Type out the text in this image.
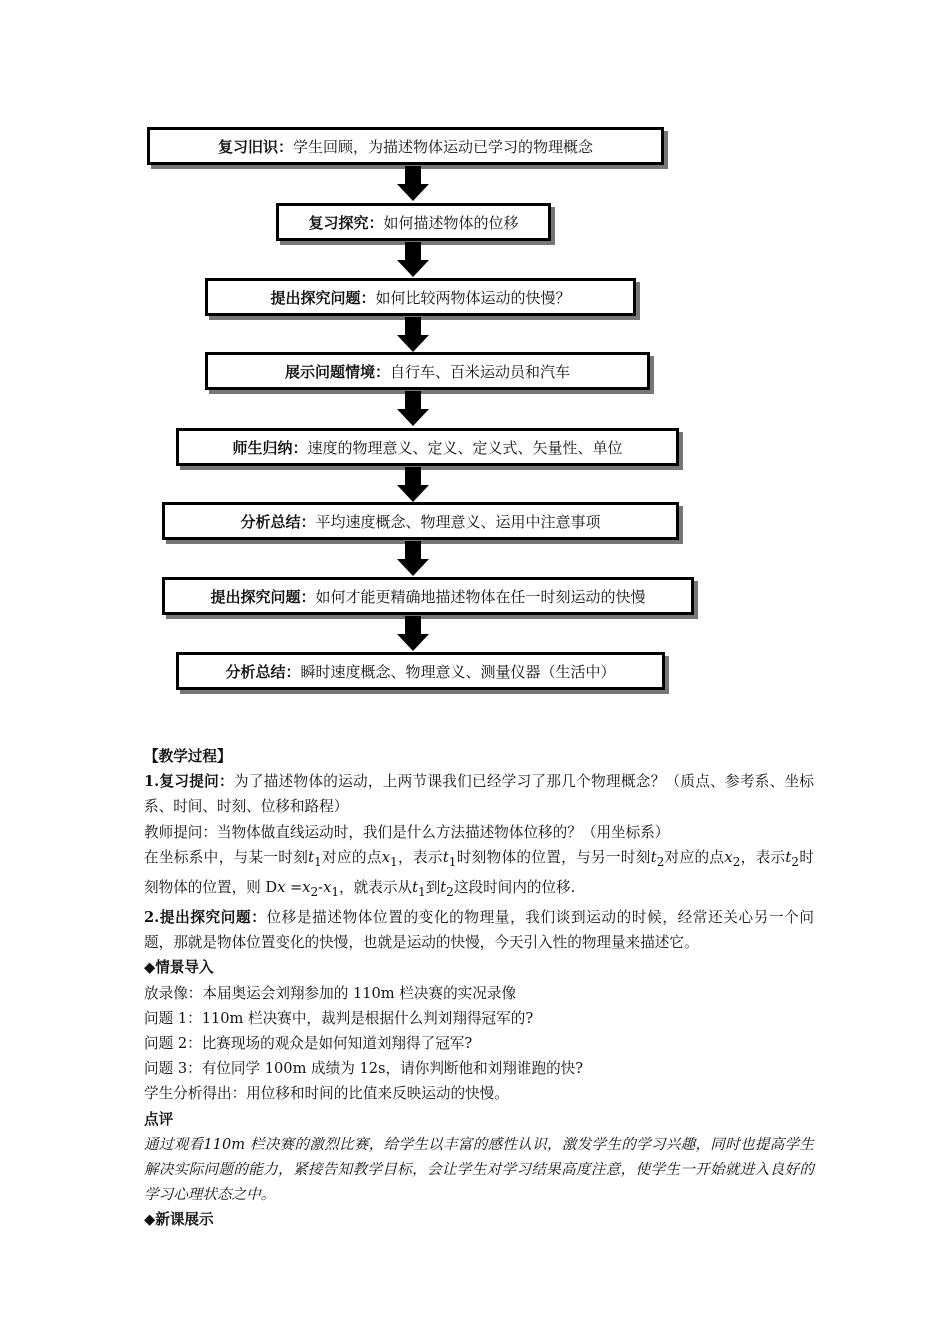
复习旧识： 学生回顾，为描述物体运动已学习的物理概念
复习探究： 如何描述物体的位移
提出探究问题： 如何比较两物体运动的快慢？
展示问题情境： 自行车、百米运动员和汽车
师生归纳： 速度的物理意义、定义、定义式、矢量性、单位
分析总结： 平均速度概念、物理意义、运用中注意事项
提出探究问题： 如何才能更精确地描述物体在任一时刻运动的快慢
分析总结： 瞬时速度概念、物理意义、测量仪器（生活中）

【教学过程】

1.复习提问：为了描述物体的运动，上两节课我们已经学习了那几个物理概念？（质点、参考系、坐标系、时间、时刻、位移和路程）

教师提问：当物体做直线运动时，我们是什么方法描述物体位移的？（用坐标系）

在坐标系中，与某一时刻$t_1$对应的点$x_1$，表示$t_1$时刻物体的位置，与另一时刻$t_2$对应的点$x_2$，表示$t_2$时刻物体的位置，则 $Dx =x_2-x_1$，就表示从$t_1$到$t_2$这段时间内的位移.

2.提出探究问题：位移是描述物体位置的变化的物理量，我们谈到运动的时候，经常还关心另一个问题，那就是物体位置变化的快慢，也就是运动的快慢，今天引入性的物理量来描述它。

◆情景导入

放录像：本届奥运会刘翔参加的 110m 栏决赛的实况录像

问题 1：110m 栏决赛中，裁判是根据什么判刘翔得冠军的?

问题 2：比赛现场的观众是如何知道刘翔得了冠军?

问题 3：有位同学 100m 成绩为 12s，请你判断他和刘翔谁跑的快?

学生分析得出：用位移和时间的比值来反映运动的快慢。

点评

通过观看110m 栏决赛的激烈比赛，给学生以丰富的感性认识，激发学生的学习兴趣，同时也提高学生解决实际问题的能力，紧接告知教学目标，会让学生对学习结果高度注意，使学生一开始就进入良好的学习心理状态之中。

◆新课展示
